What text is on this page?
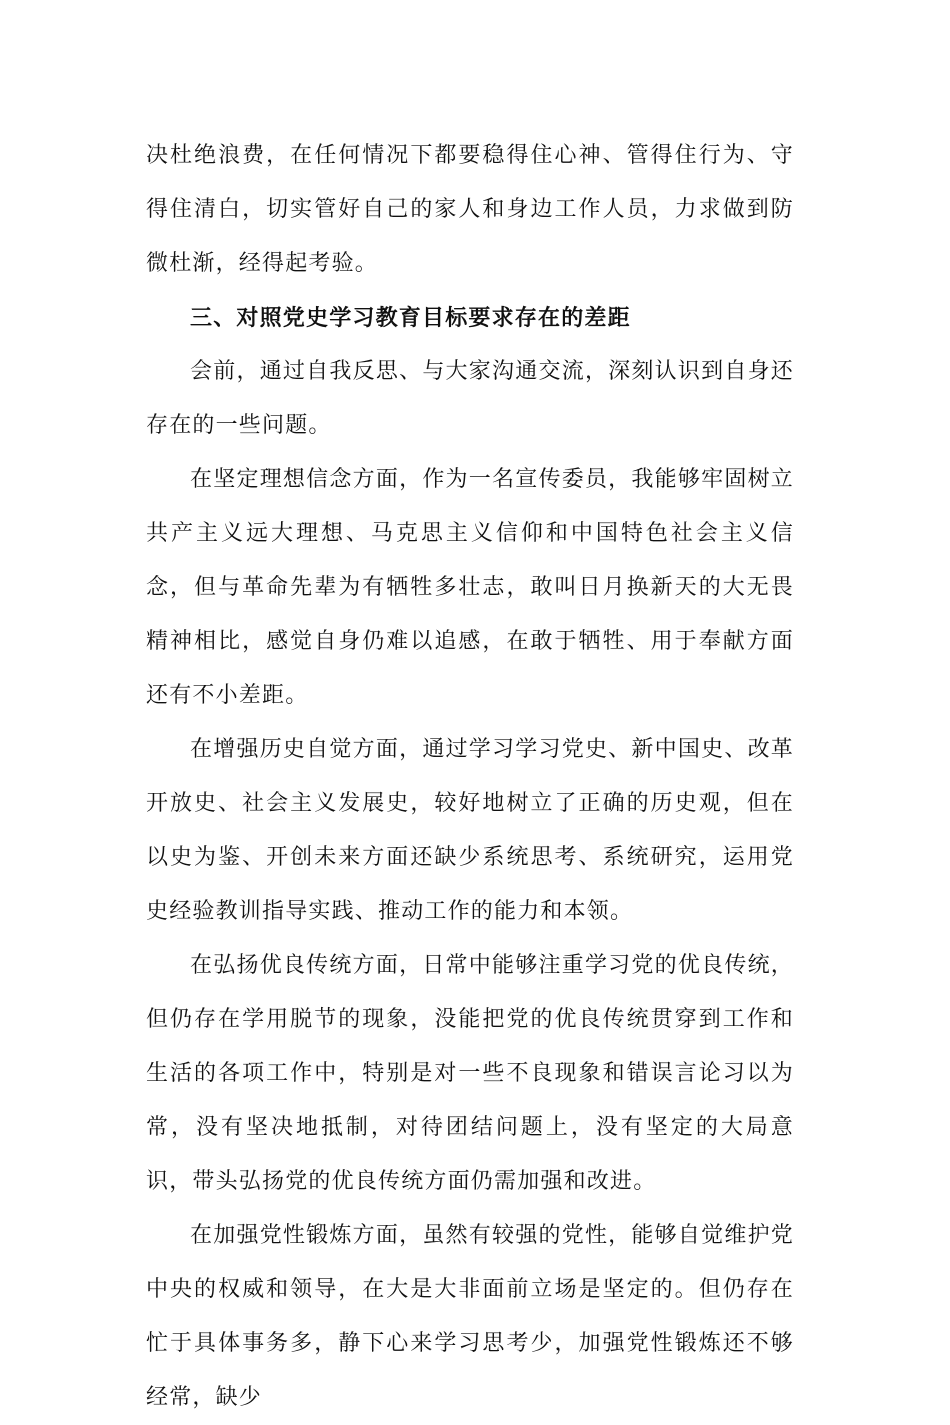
决杜绝浪费，在任何情况下都要稳得住心神、管得住行为、守得住清白，切实管好自己的家人和身边工作人员，力求做到防微杜渐，经得起考验。

三、对照党史学习教育目标要求存在的差距

会前，通过自我反思、与大家沟通交流，深刻认识到自身还存在的一些问题。

在坚定理想信念方面，作为一名宣传委员，我能够牢固树立共产主义远大理想、马克思主义信仰和中国特色社会主义信念，但与革命先辈为有牺牲多壮志，敢叫日月换新天的大无畏精神相比，感觉自身仍难以追感，在敢于牺牲、用于奉献方面还有不小差距。

在增强历史自觉方面，通过学习学习党史、新中国史、改革开放史、社会主义发展史，较好地树立了正确的历史观，但在以史为鉴、开创未来方面还缺少系统思考、系统研究，运用党史经验教训指导实践、推动工作的能力和本领。

在弘扬优良传统方面，日常中能够注重学习党的优良传统，但仍存在学用脱节的现象，没能把党的优良传统贯穿到工作和生活的各项工作中，特别是对一些不良现象和错误言论习以为常，没有坚决地抵制，对待团结问题上，没有坚定的大局意识，带头弘扬党的优良传统方面仍需加强和改进。

在加强党性锻炼方面，虽然有较强的党性，能够自觉维护党中央的权威和领导，在大是大非面前立场是坚定的。但仍存在忙于具体事务多，静下心来学习思考少，加强党性锻炼还不够经常，缺少
